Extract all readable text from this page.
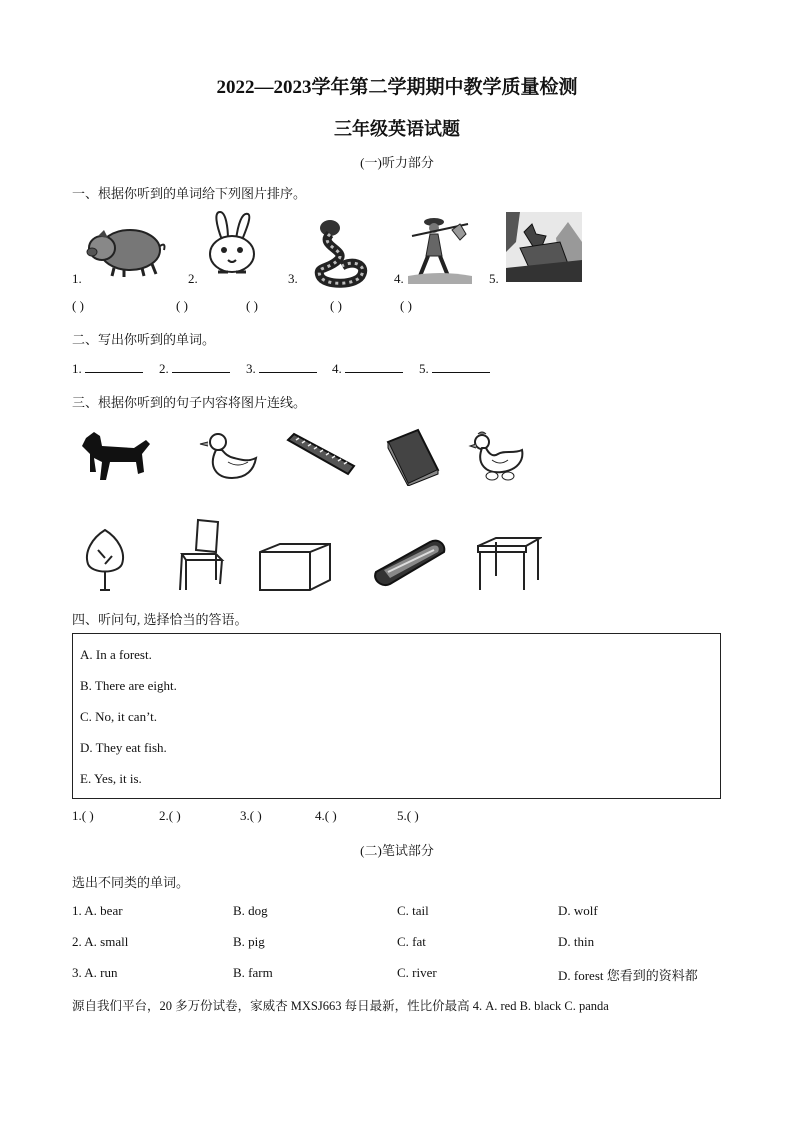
2022—2023学年第二学期期中教学质量检测
三年级英语试题
(一)听力部分
一、根据你听到的单词给下列图片排序。
1.	2.	3.	4.	5.
( )	( )	( )	( )	( )
二、写出你听到的单词。
1.	2.	3.	4.	5.
三、根据你听到的句子内容将图片连线。
四、听问句, 选择恰当的答语。
A. In a forest.
B. There are eight.
C. No, it can’t.
D. They eat fish.
E. Yes, it is.
1.( )	2.( )	3.( )	4.( )	5.( )
(二)笔试部分
选出不同类的单词。
1. A. bear	B. dog	C. tail	D. wolf
2. A. small	B. pig	C. fat	D. thin
3. A. run	B. farm	C. river	D. forest 您看到的资料都
源自我们平台，20 多万份试卷，家威杏 MXSJ663 每日最新，性比价最高 4. A. red B. black C. panda
